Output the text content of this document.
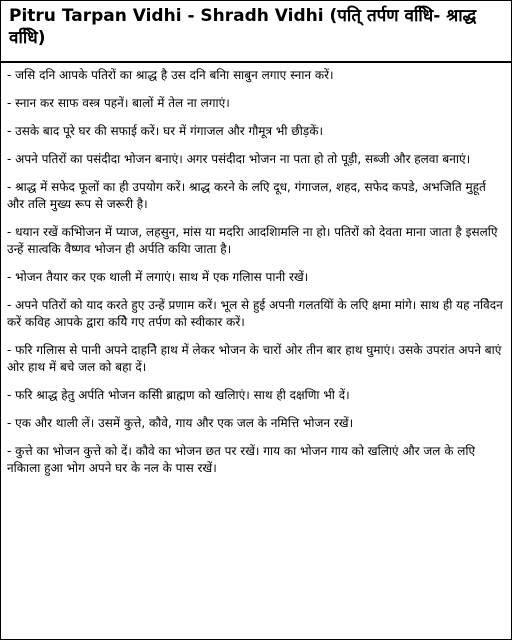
Pitru Tarpan Vidhi - Shradh Vidhi (पति् तर्पण वधिि- श्राद्ध वधिि)
- जसि दनि आपके पतिरों का श्राद्ध है उस दनि बनिा साबुन लगाए स्नान करें।
- स्नान कर साफ वस्त्र पहनें। बालों में तेल ना लगाएं।
- उसके बाद पूरे घर की सफाई करें। घर में गंगाजल और गौमूत्र भी छीड़कें।
- अपने पतिरों का पसंदीदा भोजन बनाएं। अगर पसंदीदा भोजन ना पता हो तो पूड़ी, सब्जी और हलवा बनाएं।
- श्राद्ध में सफेद फूलों का ही उपयोग करें। श्राद्ध करने के लएि दूध, गंगाजल, शहद, सफेद कपडे, अभजिति मुहूर्त और तलि मुख्य रूप से जरूरी है।
- धयान रखें कभिोजन में प्याज, लहसुन, मांस या मदरिा आदशिामलि ना हो। पतिरों को देवता माना जाता है इसलएि उन्हें सात्वकि वैष्णव भोजन ही अर्पति कयिा जाता है।
- भोजन तैयार कर एक थाली में लगाएं। साथ में एक गलिास पानी रखें।
- अपने पतिरों को याद करते हुए उन्हें प्रणाम करें। भूल से हुई अपनी गलतयिों के लएि क्षमा मांगे। साथ ही यह नवि‍ेदन करें कवि‍ह आपके द्वारा कयि‍े गए तर्पण को स्वीकार करें।
- फरि गलिास से पानी अपने दाहनि‍े हाथ में लेकर भोजन के चारों ओर तीन बार हाथ घुमाएं। उसके उपरांत अपने बाएं ओर हाथ में बचे जल को बहा दें।
- फरि श्राद्ध हेतु अर्पति भोजन कसिी ब्राह्मण को खलिाएं। साथ ही दक्षणिा भी दें।
- एक और थाली लें। उसमें कुत्ते, कौवे, गाय और एक जल के नमित्ति भोजन रखें।
- कुत्ते का भोजन कुत्ते को दें। कौवे का भोजन छत पर रखें। गाय का भोजन गाय को खलिाएं और जल के लएि नकिाला हुआ भोग अपने घर के नल के पास रखें।
